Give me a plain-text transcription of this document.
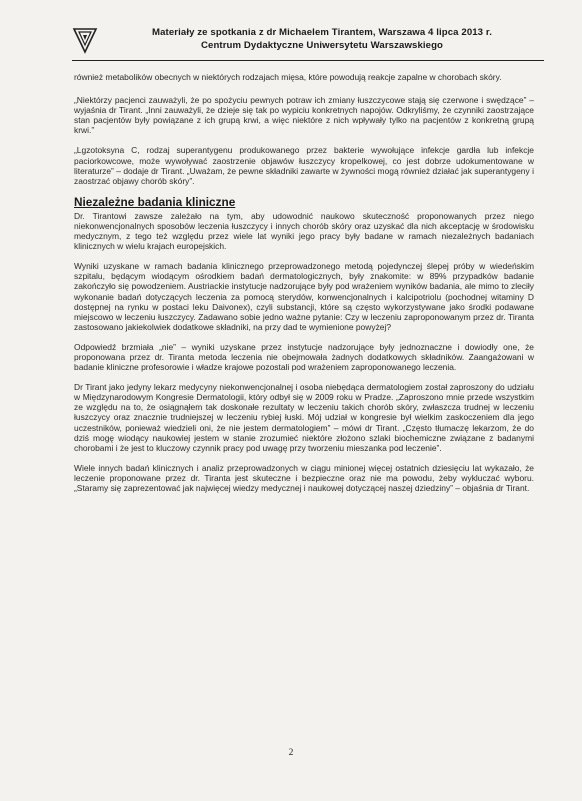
Materiały ze spotkania z dr Michaelem Tirantem, Warszawa 4 lipca 2013 r.
Centrum Dydaktyczne Uniwersytetu Warszawskiego

również metabolików obecnych w niektórych rodzajach mięsa, które powodują reakcje zapalne w chorobach skóry.

„Niektórzy pacjenci zauważyli, że po spożyciu pewnych potraw ich zmiany łuszczycowe stają się czerwone i swędzące” – wyjaśnia dr Tirant. „Inni zauważyli, że dzieje się tak po wypiciu konkretnych napojów. Odkryliśmy, że czynniki zaostrzające stan pacjentów były powiązane z ich grupą krwi, a więc niektóre z nich wpływały tylko na pacjentów z konkretną grupą krwi.”

„Lgzotoksyna C, rodzaj superantygenu produkowanego przez bakterie wywołujące infekcje gardła lub infekcje paciorkowcowe, może wywoływać zaostrzenie objawów łuszczycy kropelkowej, co jest dobrze udokumentowane w literaturze” – dodaje dr Tirant. „Uważam, że pewne składniki zawarte w żywności mogą również działać jak superantygeny i zaostrzać objawy chorób skóry”.

Niezależne badania kliniczne

Dr. Tirantowi zawsze zależało na tym, aby udowodnić naukowo skuteczność proponowanych przez niego niekonwencjonalnych sposobów leczenia łuszczycy i innych chorób skóry oraz uzyskać dla nich akceptację w środowisku medycznym, z tego też względu przez wiele lat wyniki jego pracy były badane w ramach niezależnych badaniach klinicznych w wielu krajach europejskich.

Wyniki uzyskane w ramach badania klinicznego przeprowadzonego metodą pojedynczej ślepej próby w wiedeńskim szpitalu, będącym wiodącym ośrodkiem badań dermatologicznych, były znakomite: w 89% przypadków badanie zakończyło się powodzeniem. Austriackie instytucje nadzorujące były pod wrażeniem wyników badania, ale mimo to zleciły wykonanie badań dotyczących leczenia za pomocą sterydów, konwencjonalnych i kalcipotriolu (pochodnej witaminy D dostępnej na rynku w postaci leku Daivonex), czyli substancji, które są często wykorzystywane jako środki podawane miejscowo w leczeniu łuszczycy. Zadawano sobie jedno ważne pytanie: Czy w leczeniu zaproponowanym przez dr. Tiranta zastosowano jakiekolwiek dodatkowe składniki, na przy dad te wymienione powyżej?

Odpowiedź brzmiała „nie” – wyniki uzyskane przez instytucje nadzorujące były jednoznaczne i dowiodły one, że proponowana przez dr. Tiranta metoda leczenia nie obejmowała żadnych dodatkowych składników. Zaangażowani w badanie kliniczne profesorowie i władze krajowe pozostali pod wrażeniem zaproponowanego leczenia.

Dr Tirant jako jedyny lekarz medycyny niekonwencjonalnej i osoba niebędąca dermatologiem został zaproszony do udziału w Międzynarodowym Kongresie Dermatologii, który odbył się w 2009 roku w Pradze. „Zaproszono mnie przede wszystkim ze względu na to, że osiągnąłem tak doskonałe rezultaty w leczeniu takich chorób skóry, zwłaszcza trudnej w leczeniu łuszczycy oraz znacznie trudniejszej w leczeniu rybiej łuski. Mój udział w kongresie był wielkim zaskoczeniem dla jego uczestników, ponieważ wiedzieli oni, że nie jestem dermatologiem” – mówi dr Tirant. „Często tłumaczę lekarzom, że do dziś mogę wiodący naukowiej jestem w stanie zrozumieć niektóre złożono szlaki biochemiczne związane z badanymi chorobami i że jest to kluczowy czynnik pracy pod uwagę przy tworzeniu mieszanka pod leczenie”.

Wiele innych badań klinicznych i analiz przeprowadzonych w ciągu minionej więcej ostatnich dziesięciu lat wykazało, że leczenie proponowane przez dr. Tiranta jest skuteczne i bezpieczne oraz nie ma powodu, żeby wykluczać wyboru. „Staramy się zaprezentować jak najwięcej wiedzy medycznej i naukowej dotyczącej naszej dziedziny” – objaśnia dr Tirant.

2
